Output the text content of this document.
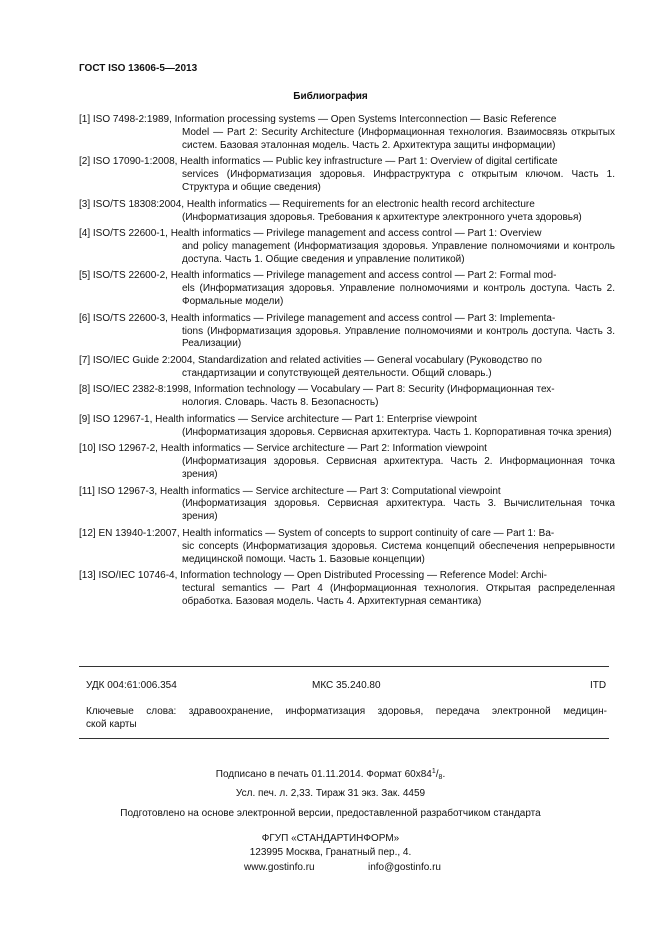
ГОСТ ISO 13606-5—2013
Библиография
[1] ISO 7498-2:1989, Information processing systems — Open Systems Interconnection — Basic Reference
Model — Part 2: Security Architecture (Информационная технология. Взаимосвязь открытых систем. Базовая эталонная модель. Часть 2. Архитектура защиты информации)
[2] ISO 17090-1:2008, Health informatics — Public key infrastructure — Part 1: Overview of digital certificate
services (Информатизация здоровья. Инфраструктура с открытым ключом. Часть 1. Структура и общие сведения)
[3] ISO/TS 18308:2004, Health informatics — Requirements for an electronic health record architecture
(Информатизация здоровья. Требования к архитектуре электронного учета здоровья)
[4] ISO/TS 22600-1, Health informatics — Privilege management and access control — Part 1: Overview
and policy management (Информатизация здоровья. Управление полномочиями и контроль доступа. Часть 1. Общие сведения и управление политикой)
[5] ISO/TS 22600-2, Health informatics — Privilege management and access control — Part 2: Formal mod-
els (Информатизация здоровья. Управление полномочиями и контроль доступа. Часть 2. Формальные модели)
[6] ISO/TS 22600-3, Health informatics — Privilege management and access control — Part 3: Implementa-
tions (Информатизация здоровья. Управление полномочиями и контроль доступа. Часть 3. Реализации)
[7] ISO/IEC Guide 2:2004, Standardization and related activities — General vocabulary (Руководство по
стандартизации и сопутствующей деятельности. Общий словарь.)
[8] ISO/IEC 2382-8:1998, Information technology — Vocabulary — Part 8: Security (Информационная тех-
нология. Словарь. Часть 8. Безопасность)
[9] ISO 12967-1, Health informatics — Service architecture — Part 1: Enterprise viewpoint
(Информатизация здоровья. Сервисная архитектура. Часть 1. Корпоративная точка зрения)
[10] ISO 12967-2, Health informatics — Service architecture — Part 2: Information viewpoint
(Информатизация здоровья. Сервисная архитектура. Часть 2. Информационная точка зрения)
[11] ISO 12967-3, Health informatics — Service architecture — Part 3: Computational viewpoint
(Информатизация здоровья. Сервисная архитектура. Часть 3. Вычислительная точка зрения)
[12] EN 13940-1:2007, Health informatics — System of concepts to support continuity of care — Part 1: Ba-
sic concepts (Информатизация здоровья. Система концепций обеспечения непрерывности медицинской помощи. Часть 1. Базовые концепции)
[13] ISO/IEC 10746-4, Information technology — Open Distributed Processing — Reference Model: Archi-
tectural semantics — Part 4 (Информационная технология. Открытая распределенная обработка. Базовая модель. Часть 4. Архитектурная семантика)
УДК 004:61:006.354	МКС 35.240.80	ITD
Ключевые слова: здравоохранение, информатизация здоровья, передача электронной медицин-
ской карты
Подписано в печать 01.11.2014. Формат $60x84^1/_8$.
Усл. печ. л. 2,33. Тираж 31 экз. Зак. 4459
Подготовлено на основе электронной версии, предоставленной разработчиком стандарта
ФГУП «СТАНДАРТИНФОРМ»
123995 Москва, Гранатный пер., 4.
www.gostinfo.ru	info@gostinfo.ru
